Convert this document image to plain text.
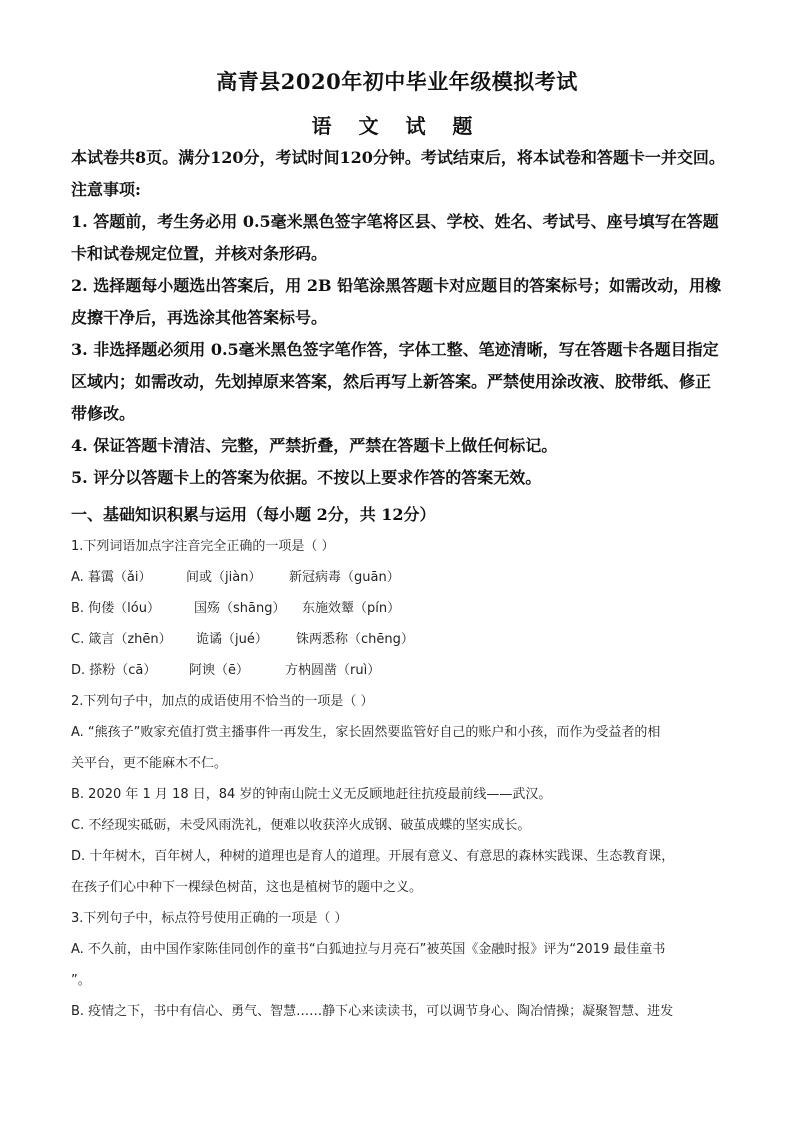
高青县2020年初中毕业年级模拟考试
语 文 试 题
本试卷共8页。满分120分，考试时间120分钟。考试结束后，将本试卷和答题卡一并交回。
注意事项:
1. 答题前，考生务必用 0.5毫米黑色签字笔将区县、学校、姓名、考试号、座号填写在答题
卡和试卷规定位置，并核对条形码。
2. 选择题每小题选出答案后，用 2B 铅笔涂黑答题卡对应题目的答案标号；如需改动，用橡
皮擦干净后，再选涂其他答案标号。
3. 非选择题必须用 0.5毫米黑色签字笔作答，字体工整、笔迹清晰，写在答题卡各题目指定
区域内；如需改动，先划掉原来答案，然后再写上新答案。严禁使用涂改液、胶带纸、修正
带修改。
4. 保证答题卡清洁、完整，严禁折叠，严禁在答题卡上做任何标记。
5. 评分以答题卡上的答案为依据。不按以上要求作答的答案无效。
一、基础知识积累与运用（每小题 2分，共 12分）
1.下列词语加点字注音完全正确的一项是（ ）
A. 暮霭（ǎi）	间或（jiàn） 新冠病毒（guān）
B. 佝偻（lóu）	国殇（shāng） 东施效颦（pín）
C. 箴言（zhēn） 诡谲（jué） 铢两悉称（chēng）
D. 搽粉（cā）	阿谀（ē）	方枘圆凿（ruì）
2.下列句子中，加点的成语使用不恰当的一项是（ ）
A. “熊孩子”败家充值打赏主播事件一再发生，家长固然要监管好自己的账户和小孩，而作为受益者的相
关平台，更不能麻木不仁。
B. 2020 年 1 月 18 日，84 岁的钟南山院士义无反顾地赶往抗疫最前线——武汉。
C. 不经现实砥砺，未受风雨洗礼，便难以收获淬火成钢、破茧成蝶的坚实成长。
D. 十年树木，百年树人，种树的道理也是育人的道理。开展有意义、有意思的森林实践课、生态教育课，
在孩子们心中种下一棵绿色树苗，这也是植树节的题中之义。
3.下列句子中，标点符号使用正确的一项是（ ）
A. 不久前，由中国作家陈佳同创作的童书“白狐迪拉与月亮石”被英国《金融时报》评为“2019 最佳童书
”。
B. 疫情之下，书中有信心、勇气、智慧……静下心来读读书，可以调节身心、陶冶情操；凝聚智慧、进发
